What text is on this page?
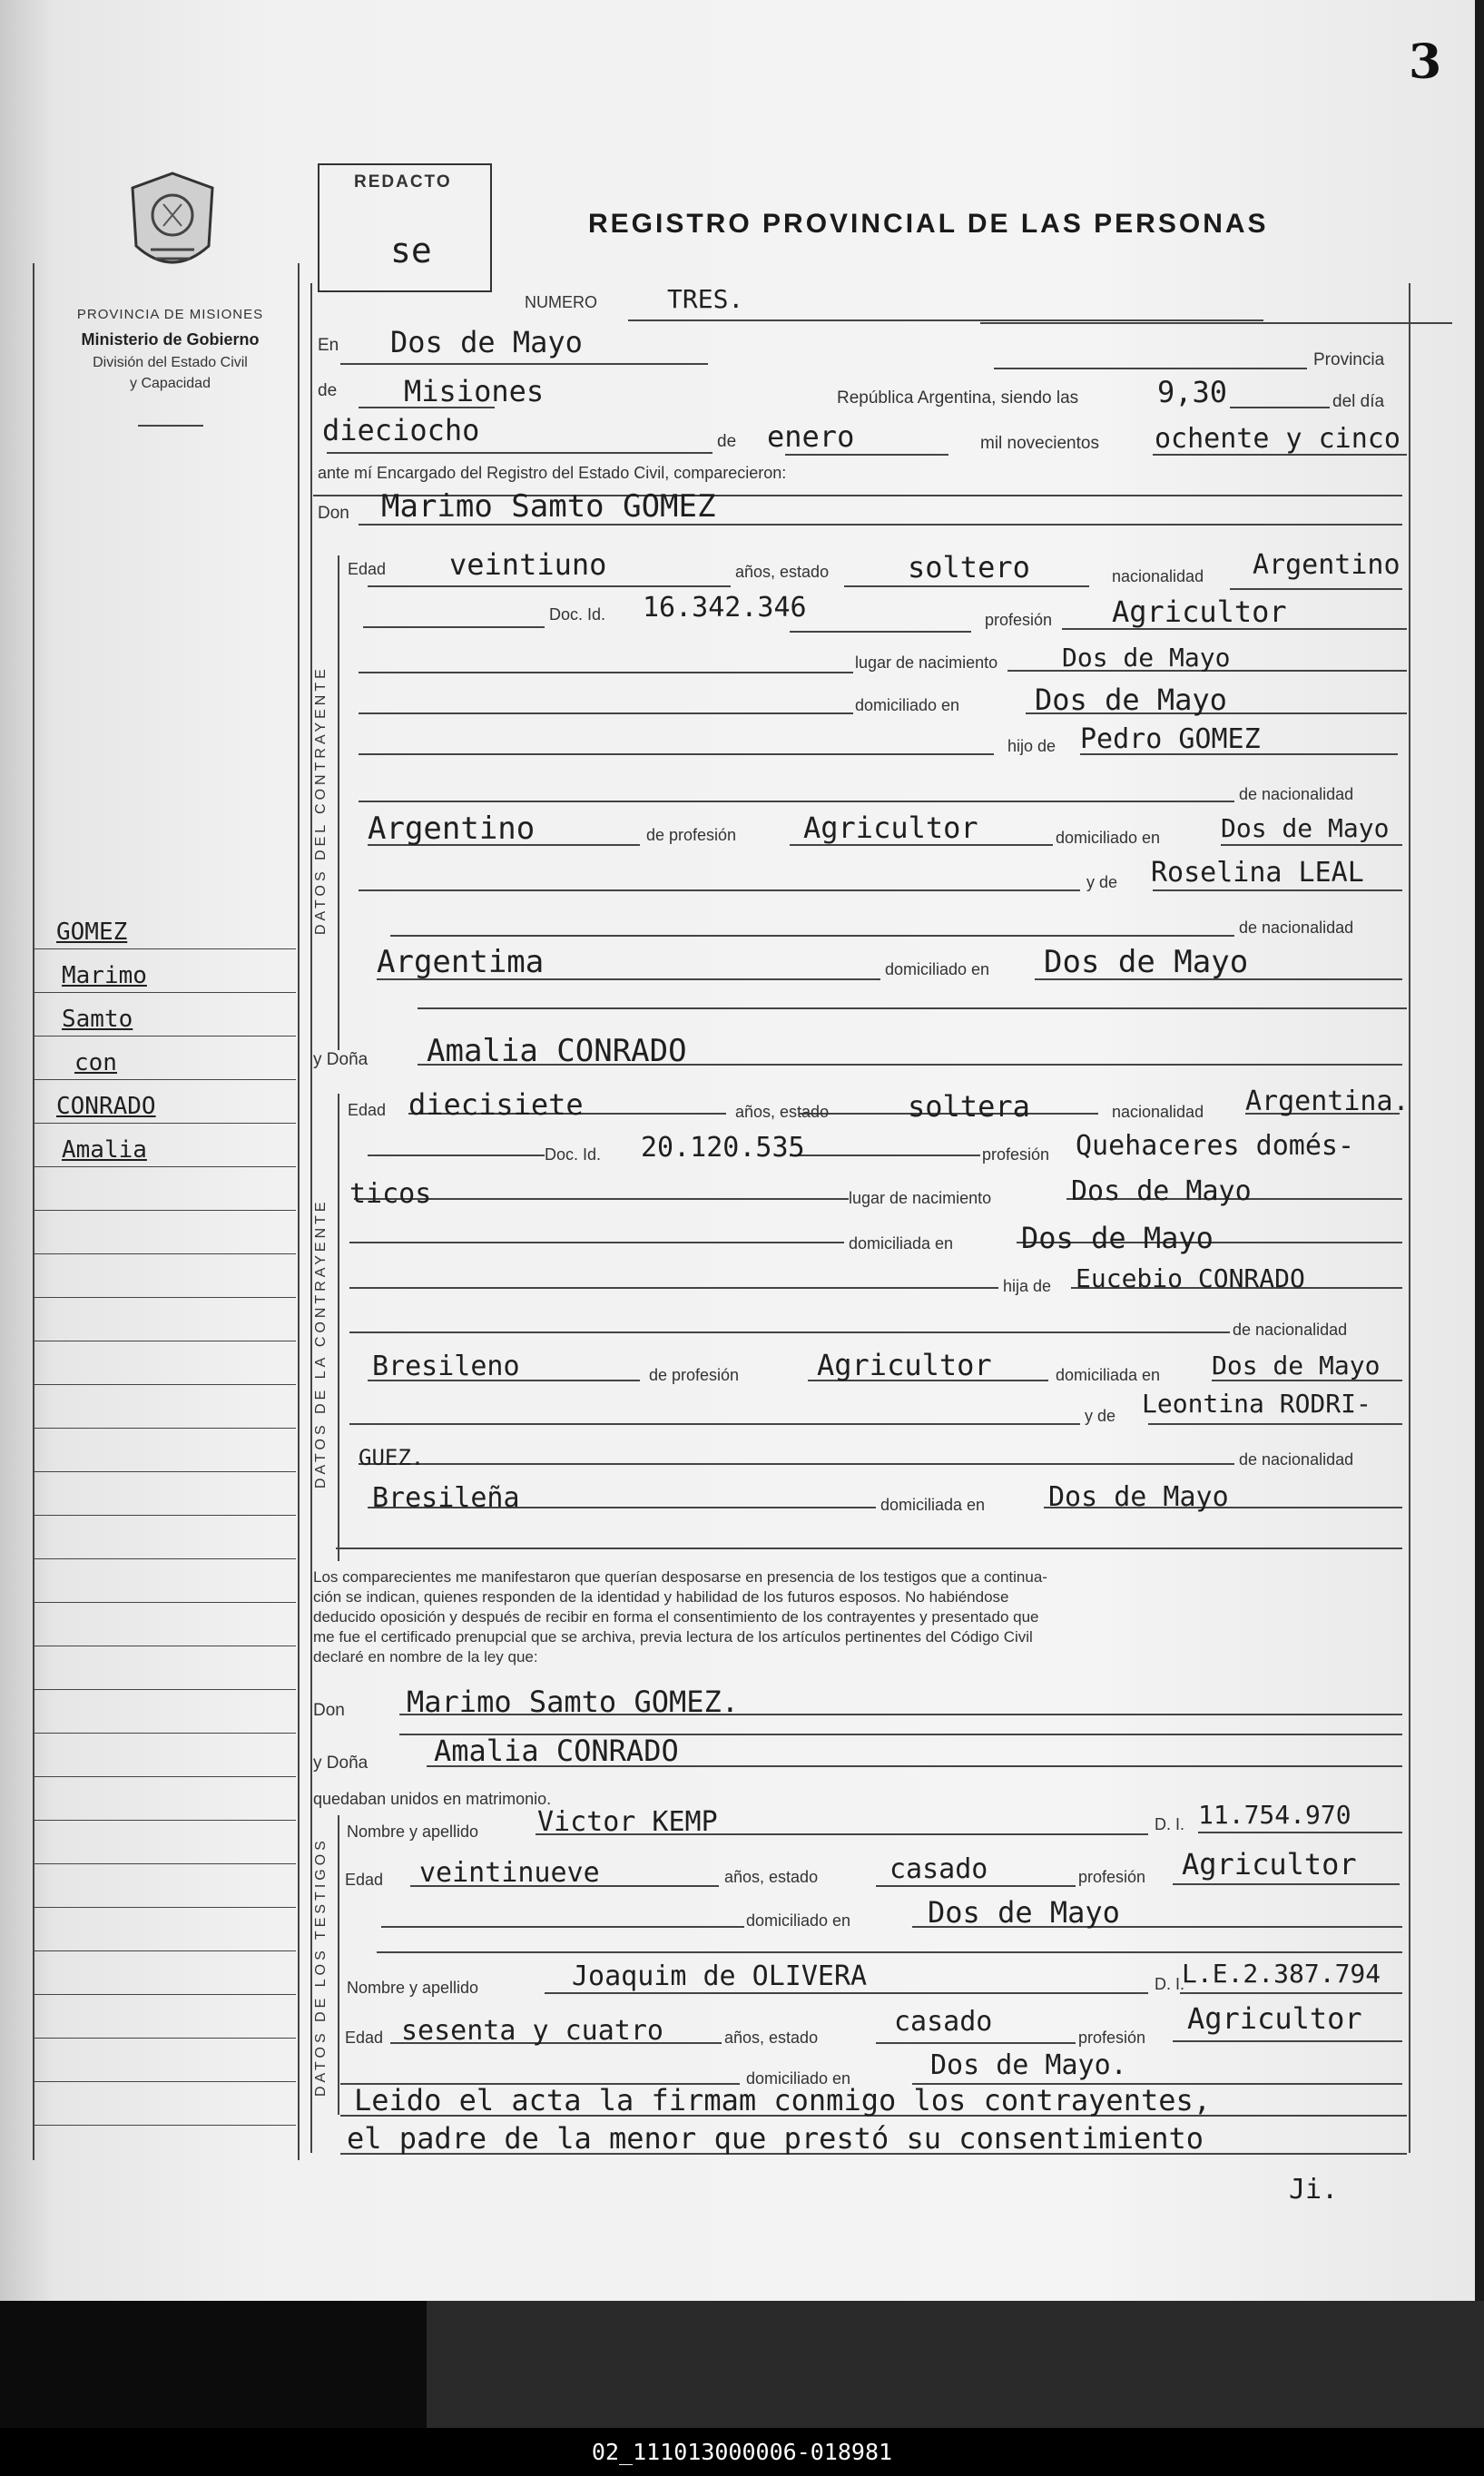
3
GOMEZ
Marimo
Samto
con
CONRADO
Amalia
PROVINCIA DE MISIONES
Ministerio de Gobierno
División del Estado Civil
y Capacidad
REDACTO
se
REGISTRO PROVINCIAL DE LAS PERSONAS
DATOS DEL CONTRAYENTE
DATOS DE LA CONTRAYENTE
DATOS DE LOS TESTIGOS
NUMERO	TRES.
En Dos de Mayo
Provincia
de Misiones	República Argentina, siendo las	9,30	del día
dieciocho	de enero	mil novecientos ochente y cinco
ante mí Encargado del Registro del Estado Civil, comparecieron:
Don Marimo Samto GOMEZ
Edad veintiuno	años, estado	soltero	nacionalidad Argentino
Doc. Id. 16.342.346	profesión Agricultor
lugar de nacimiento	Dos de Mayo
domiciliado en	Dos de Mayo
hijo de Pedro GOMEZ
de nacionalidad
Argentino	de profesión Agricultor	domiciliado en Dos de Mayo
y de Roselina LEAL
de nacionalidad
Argentima	domiciliado en Dos de Mayo
y Doña Amalia CONRADO
Edad diecisiete	años, estado	soltera	nacionalidad Argentina.
Doc. Id. 20.120.535	profesión Quehaceres domés-
ticos	lugar de nacimiento	Dos de Mayo
domiciliada en Dos de Mayo
hija de Eucebio CONRADO
de nacionalidad
Bresileno	de profesión	Agricultor	domiciliada en Dos de Mayo
y de Leontina RODRI-
GUEZ.	de nacionalidad
Bresileña	domiciliada en Dos de Mayo
Don Marimo Samto GOMEZ.
y Doña Amalia CONRADO
quedaban unidos en matrimonio.
Nombre y apellido Victor KEMP	D. I. 11.754.970
Edad veintinueve	años, estado	casado	profesión Agricultor
domiciliado en	Dos de Mayo
Nombre y apellido	Joaquim de OLIVERA	D. I.
L.E.2.387.794
Edad sesenta y cuatro	años, estado	casado	profesión
Agricultor
domiciliado en	Dos de Mayo.
Leido el acta la firmam conmigo los contrayentes,
el padre de la menor que prestó su consentimiento
Ji.
Los comparecientes me manifestaron que querían desposarse en presencia de los testigos que a continua-
ción se indican, quienes responden de la identidad y habilidad de los futuros esposos. No habiéndose
deducido oposición y después de recibir en forma el consentimiento de los contrayentes y presentado que
me fue el certificado prenupcial que se archiva, previa lectura de los artículos pertinentes del Código Civil
declaré en nombre de la ley que:
02_111013000006-018981
